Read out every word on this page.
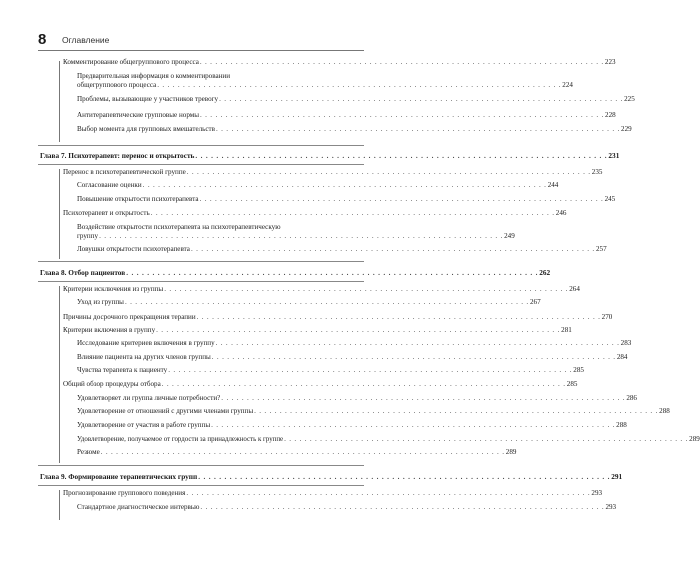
8 Оглавление
Комментирование общегруппового процесса . . . . . . . . . . . . . . . . . . . . . . . . . . . . . . . . . . . . . . . . . . . . . . . . . . . . . . . . . . . . . . . . . . . . . . . . . . . . . . . 223
Предварительная информация о комментировании
общегруппового процесса . . . . . . . . . . . . . . . . . . . . . . . . . . . . . . . . . . . . . . . . . . . . . . . . . . . . . . . . . . . . . . . . . . . . . . . . . . . . . . . 224
Проблемы, вызывающие у участников тревогу . . . . . . . . . . . . . . . . . . . . . . . . . . . . . . . . . . . . . . . . . . . . . . . . . . . . . . . . . . . . . . . . . . . . . . . . . . . . . . . 225
Антитерапевтические групповые нормы . . . . . . . . . . . . . . . . . . . . . . . . . . . . . . . . . . . . . . . . . . . . . . . . . . . . . . . . . . . . . . . . . . . . . . . . . . . . . . . 228
Выбор момента для групповых вмешательств . . . . . . . . . . . . . . . . . . . . . . . . . . . . . . . . . . . . . . . . . . . . . . . . . . . . . . . . . . . . . . . . . . . . . . . . . . . . . . . 229
Глава 7. Психотерапевт: перенос и открытость . . . . . . . . . . . . . . . . . . . . . . . . . . . . . . . . . . . . . . . . . . . . . . . . . . . . . . . . . . . . . . . . . . . . . . . . . . . . . . . 231
Перенос в психотерапевтической группе . . . . . . . . . . . . . . . . . . . . . . . . . . . . . . . . . . . . . . . . . . . . . . . . . . . . . . . . . . . . . . . . . . . . . . . . . . . . . . . 235
Согласование оценки . . . . . . . . . . . . . . . . . . . . . . . . . . . . . . . . . . . . . . . . . . . . . . . . . . . . . . . . . . . . . . . . . . . . . . . . . . . . . . . 244
Повышение открытости психотерапевта . . . . . . . . . . . . . . . . . . . . . . . . . . . . . . . . . . . . . . . . . . . . . . . . . . . . . . . . . . . . . . . . . . . . . . . . . . . . . . . 245
Психотерапевт и открытость . . . . . . . . . . . . . . . . . . . . . . . . . . . . . . . . . . . . . . . . . . . . . . . . . . . . . . . . . . . . . . . . . . . . . . . . . . . . . . . 246
Воздействие открытости психотерапевта на психотерапевтическую
группу . . . . . . . . . . . . . . . . . . . . . . . . . . . . . . . . . . . . . . . . . . . . . . . . . . . . . . . . . . . . . . . . . . . . . . . . . . . . . . . 249
Ловушки открытости психотерапевта . . . . . . . . . . . . . . . . . . . . . . . . . . . . . . . . . . . . . . . . . . . . . . . . . . . . . . . . . . . . . . . . . . . . . . . . . . . . . . . 257
Глава 8. Отбор пациентов . . . . . . . . . . . . . . . . . . . . . . . . . . . . . . . . . . . . . . . . . . . . . . . . . . . . . . . . . . . . . . . . . . . . . . . . . . . . . . . 262
Критерии исключения из группы . . . . . . . . . . . . . . . . . . . . . . . . . . . . . . . . . . . . . . . . . . . . . . . . . . . . . . . . . . . . . . . . . . . . . . . . . . . . . . . 264
Уход из группы . . . . . . . . . . . . . . . . . . . . . . . . . . . . . . . . . . . . . . . . . . . . . . . . . . . . . . . . . . . . . . . . . . . . . . . . . . . . . . . 267
Причины досрочного прекращения терапии . . . . . . . . . . . . . . . . . . . . . . . . . . . . . . . . . . . . . . . . . . . . . . . . . . . . . . . . . . . . . . . . . . . . . . . . . . . . . . . 270
Критерии включения в группу . . . . . . . . . . . . . . . . . . . . . . . . . . . . . . . . . . . . . . . . . . . . . . . . . . . . . . . . . . . . . . . . . . . . . . . . . . . . . . . 281
Исследование критериев включения в группу . . . . . . . . . . . . . . . . . . . . . . . . . . . . . . . . . . . . . . . . . . . . . . . . . . . . . . . . . . . . . . . . . . . . . . . . . . . . . . . 283
Влияние пациента на других членов группы . . . . . . . . . . . . . . . . . . . . . . . . . . . . . . . . . . . . . . . . . . . . . . . . . . . . . . . . . . . . . . . . . . . . . . . . . . . . . . . 284
Чувства терапевта к пациенту . . . . . . . . . . . . . . . . . . . . . . . . . . . . . . . . . . . . . . . . . . . . . . . . . . . . . . . . . . . . . . . . . . . . . . . . . . . . . . . 285
Общий обзор процедуры отбора . . . . . . . . . . . . . . . . . . . . . . . . . . . . . . . . . . . . . . . . . . . . . . . . . . . . . . . . . . . . . . . . . . . . . . . . . . . . . . . 285
Удовлетворяет ли группа личные потребности? . . . . . . . . . . . . . . . . . . . . . . . . . . . . . . . . . . . . . . . . . . . . . . . . . . . . . . . . . . . . . . . . . . . . . . . . . . . . . . . 286
Удовлетворение от отношений с другими членами группы . . . . . . . . . . . . . . . . . . . . . . . . . . . . . . . . . . . . . . . . . . . . . . . . . . . . . . . . . . . . . . . . . . . . . . . . . . . . . . . 288
Удовлетворение от участия в работе группы . . . . . . . . . . . . . . . . . . . . . . . . . . . . . . . . . . . . . . . . . . . . . . . . . . . . . . . . . . . . . . . . . . . . . . . . . . . . . . . 288
Удовлетворение, получаемое от гордости за принадлежность к группе . . . . . . . . . . . . . . . . . . . . . . . . . . . . . . . . . . . . . . . . . . . . . . . . . . . . . . . . . . . . . . . . . . . . . . . . . . . . . . . 289
Резюме . . . . . . . . . . . . . . . . . . . . . . . . . . . . . . . . . . . . . . . . . . . . . . . . . . . . . . . . . . . . . . . . . . . . . . . . . . . . . . . 289
Глава 9. Формирование терапевтических групп . . . . . . . . . . . . . . . . . . . . . . . . . . . . . . . . . . . . . . . . . . . . . . . . . . . . . . . . . . . . . . . . . . . . . . . . . . . . . . . 291
Прогнозирование группового поведения . . . . . . . . . . . . . . . . . . . . . . . . . . . . . . . . . . . . . . . . . . . . . . . . . . . . . . . . . . . . . . . . . . . . . . . . . . . . . . . 293
Стандартное диагностическое интервью . . . . . . . . . . . . . . . . . . . . . . . . . . . . . . . . . . . . . . . . . . . . . . . . . . . . . . . . . . . . . . . . . . . . . . . . . . . . . . . 293
